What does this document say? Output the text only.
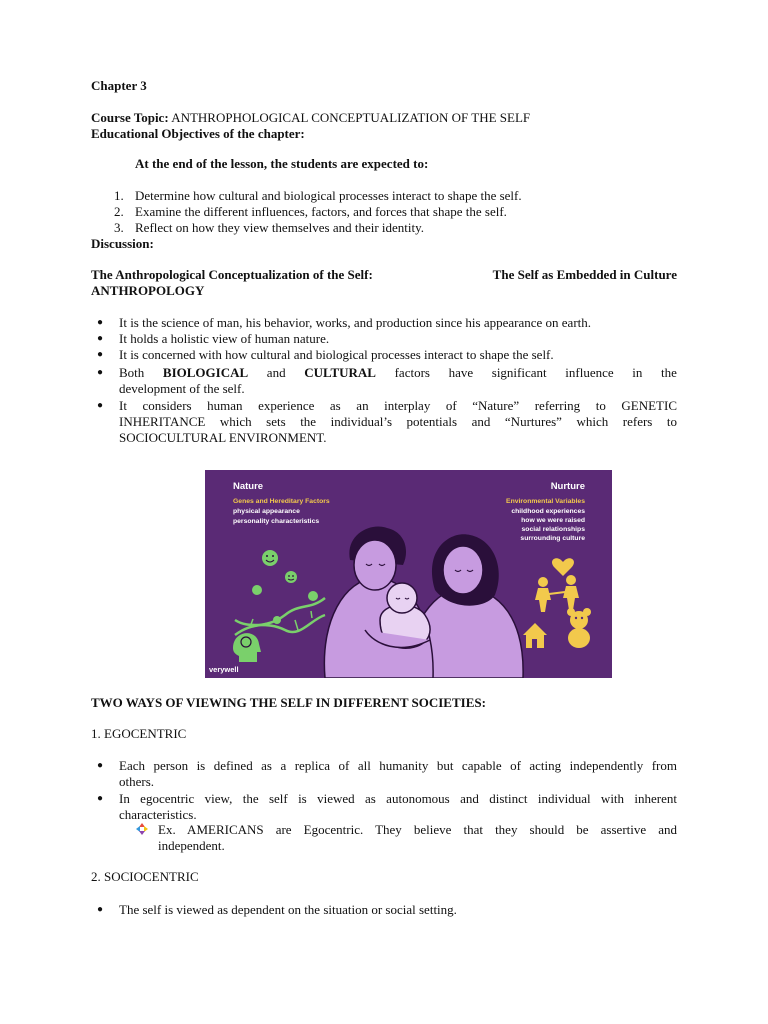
Chapter 3
Course Topic: ANTHROPHOLOGICAL CONCEPTUALIZATION OF THE SELF
Educational Objectives of the chapter:
At the end of the lesson, the students are expected to:
1. Determine how cultural and biological processes interact to shape the self.
2. Examine the different influences, factors, and forces that shape the self.
3. Reflect on how they view themselves and their identity.
Discussion:
The Anthropological Conceptualization of the Self:	The Self as Embedded in Culture
ANTHROPOLOGY
● It is the science of man, his behavior, works, and production since his appearance on earth.
● It holds a holistic view of human nature.
● It is concerned with how cultural and biological processes interact to shape the self.
● Both BIOLOGICAL and CULTURAL factors have significant influence in the
development of the self.
● It considers human experience as an interplay of “Nature” referring to GENETIC
INHERITANCE which sets the individual’s potentials and “Nurtures” which refers to
SOCIOCULTURAL ENVIRONMENT.
Nature
Genes and Hereditary Factors
physical appearance
personality characteristics
Nurture
Environmental Variables
childhood experiences
how we were raised
social relationships
surrounding culture
verywell
TWO WAYS OF VIEWING THE SELF IN DIFFERENT SOCIETIES:
1. EGOCENTRIC
● Each person is defined as a replica of all humanity but capable of acting independently from
others.
● In egocentric view, the self is viewed as autonomous and distinct individual with inherent
characteristics.
Ex. AMERICANS are Egocentric. They believe that they should be assertive and
independent.
2. SOCIOCENTRIC
● The self is viewed as dependent on the situation or social setting.
